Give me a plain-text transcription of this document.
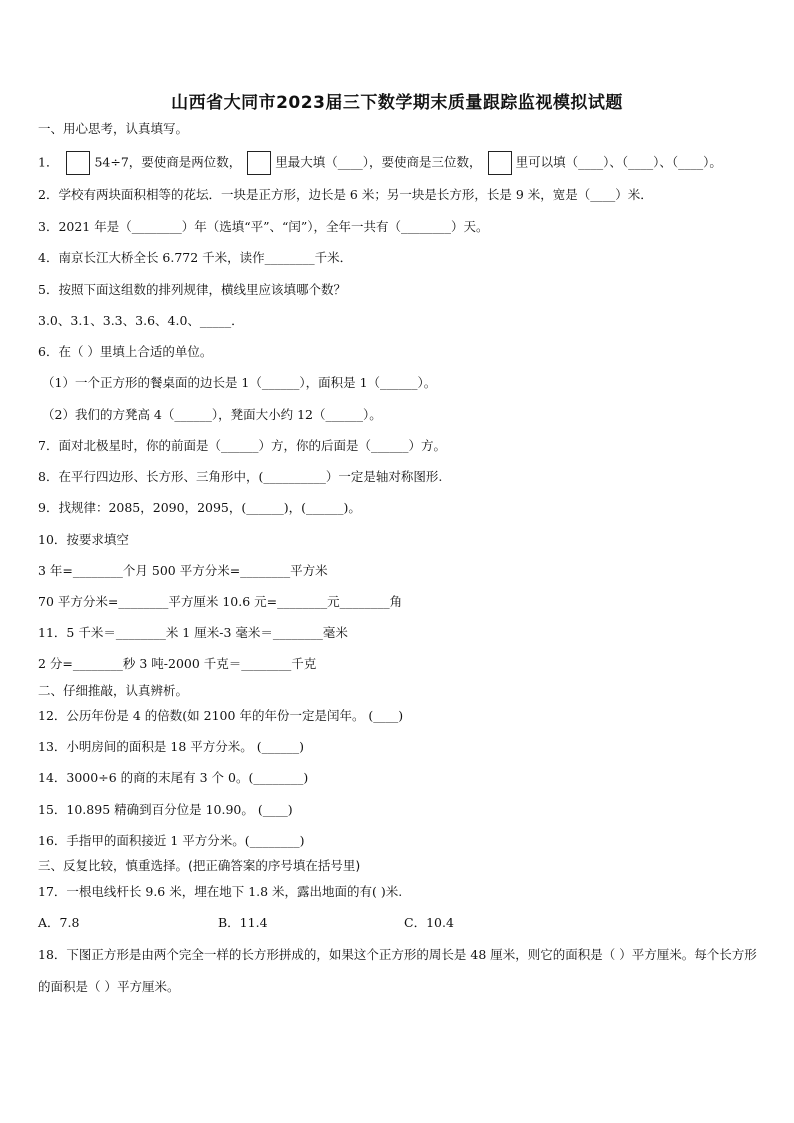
山西省大同市2023届三下数学期末质量跟踪监视模拟试题
一、用心思考，认真填写。
1．	54÷7，要使商是两位数，	里最大填（____），要使商是三位数，	里可以填（____）、（____）、（____）。
2．学校有两块面积相等的花坛．一块是正方形，边长是 6 米；另一块是长方形，长是 9 米，宽是（____）米．
3．2021 年是（________）年（选填“平”、“闰”），全年一共有（________）天。
4．南京长江大桥全长 6.772 千米，读作________千米．
5．按照下面这组数的排列规律，横线里应该填哪个数？
3.0、3.1、3.3、3.6、4.0、_____．
6．在（ ）里填上合适的单位。
（1）一个正方形的餐桌面的边长是 1（______），面积是 1（______）。
（2）我们的方凳高 4（______），凳面大小约 12（______）。
7．面对北极星时，你的前面是（______）方，你的后面是（______）方。
8．在平行四边形、长方形、三角形中，(__________）一定是轴对称图形.
9．找规律：2085，2090，2095，(______)，(______)。
10．按要求填空
3 年=________个月 500 平方分米=________平方米
70 平方分米=________平方厘米 10.6 元=________元________角
11．5 千米＝________米 1 厘米-3 毫米＝________毫米
2 分=________秒 3 吨-2000 千克＝________千克
二、仔细推敲，认真辨析。
12．公历年份是 4 的倍数(如 2100 年的年份一定是闰年。 (____)
13．小明房间的面积是 18 平方分米。 (______)
14．3000÷6 的商的末尾有 3 个 0。(________)
15．10.895 精确到百分位是 10.90。 (____)
16．手指甲的面积接近 1 平方分米。(________)
三、反复比较，慎重选择。(把正确答案的序号填在括号里)
17．一根电线杆长 9.6 米，埋在地下 1.8 米，露出地面的有( )米.
A．7.8	B．11.4	C．10.4
18．下图正方形是由两个完全一样的长方形拼成的，如果这个正方形的周长是 48 厘米，则它的面积是（ ）平方厘米。每个长方形的面积是（ ）平方厘米。
